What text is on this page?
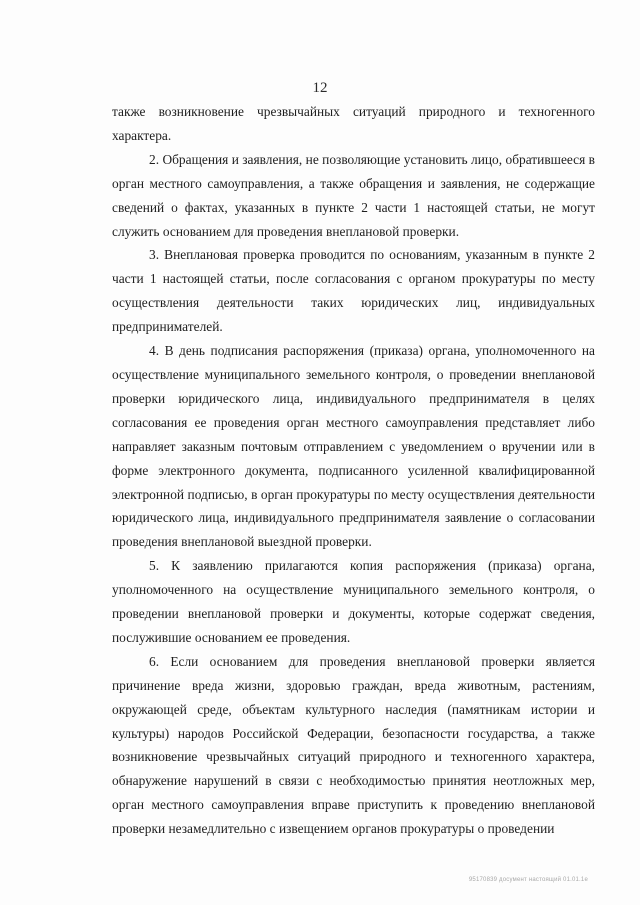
12

также возникновение чрезвычайных ситуаций природного и техногенного характера.

2. Обращения и заявления, не позволяющие установить лицо, обратившееся в орган местного самоуправления, а также обращения и заявления, не содержащие сведений о фактах, указанных в пункте 2 части 1 настоящей статьи, не могут служить основанием для проведения внеплановой проверки.

3. Внеплановая проверка проводится по основаниям, указанным в пункте 2 части 1 настоящей статьи, после согласования с органом прокуратуры по месту осуществления деятельности таких юридических лиц, индивидуальных предпринимателей.

4. В день подписания распоряжения (приказа) органа, уполномоченного на осуществление муниципального земельного контроля, о проведении внеплановой проверки юридического лица, индивидуального предпринимателя в целях согласования ее проведения орган местного самоуправления представляет либо направляет заказным почтовым отправлением с уведомлением о вручении или в форме электронного документа, подписанного усиленной квалифицированной электронной подписью, в орган прокуратуры по месту осуществления деятельности юридического лица, индивидуального предпринимателя заявление о согласовании проведения внеплановой выездной проверки.

5. К заявлению прилагаются копия распоряжения (приказа) органа, уполномоченного на осуществление муниципального земельного контроля, о проведении внеплановой проверки и документы, которые содержат сведения, послужившие основанием ее проведения.

6. Если основанием для проведения внеплановой проверки является причинение вреда жизни, здоровью граждан, вреда животным, растениям, окружающей среде, объектам культурного наследия (памятникам истории и культуры) народов Российской Федерации, безопасности государства, а также возникновение чрезвычайных ситуаций природного и техногенного характера, обнаружение нарушений в связи с необходимостью принятия неотложных мер, орган местного самоуправления вправе приступить к проведению внеплановой проверки незамедлительно с извещением органов прокуратуры о проведении

95170839 досумент настоящий 01.01.1e
